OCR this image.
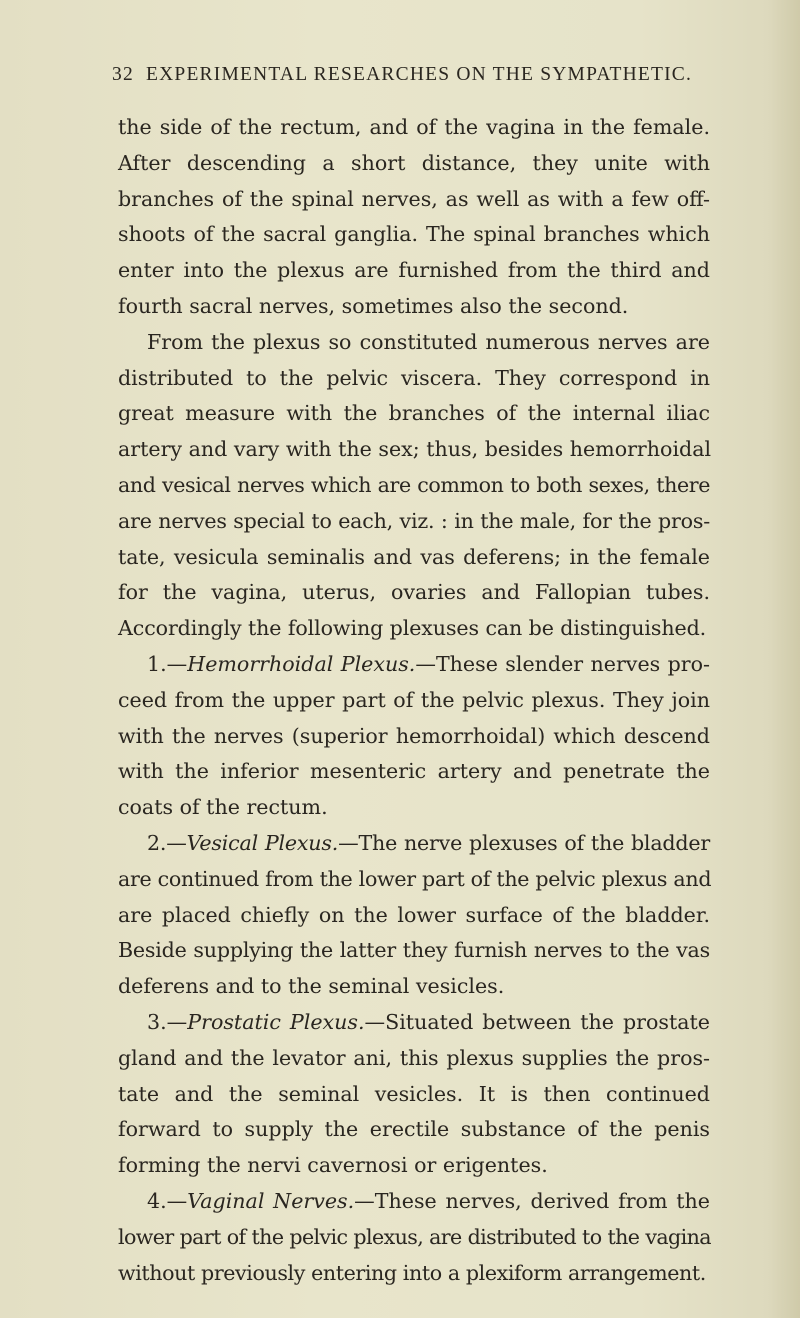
32 EXPERIMENTAL RESEARCHES ON THE SYMPATHETIC.
the side of the rectum, and of the vagina in the female.
After descending a short distance, they unite with
branches of the spinal nerves, as well as with a few off-
shoots of the sacral ganglia. The spinal branches which
enter into the plexus are furnished from the third and
fourth sacral nerves, sometimes also the second.
From the plexus so constituted numerous nerves are
distributed to the pelvic viscera. They correspond in
great measure with the branches of the internal iliac
artery and vary with the sex; thus, besides hemorrhoidal
and vesical nerves which are common to both sexes, there
are nerves special to each, viz. : in the male, for the pros-
tate, vesicula seminalis and vas deferens; in the female
for the vagina, uterus, ovaries and Fallopian tubes.
Accordingly the following plexuses can be distinguished.
1.—Hemorrhoidal Plexus.—These slender nerves pro-
ceed from the upper part of the pelvic plexus. They join
with the nerves (superior hemorrhoidal) which descend
with the inferior mesenteric artery and penetrate the
coats of the rectum.
2.—Vesical Plexus.—The nerve plexuses of the bladder
are continued from the lower part of the pelvic plexus and
are placed chiefly on the lower surface of the bladder.
Beside supplying the latter they furnish nerves to the vas
deferens and to the seminal vesicles.
3.—Prostatic Plexus.—Situated between the prostate
gland and the levator ani, this plexus supplies the pros-
tate and the seminal vesicles. It is then continued
forward to supply the erectile substance of the penis
forming the nervi cavernosi or erigentes.
4.—Vaginal Nerves.—These nerves, derived from the
lower part of the pelvic plexus, are distributed to the vagina
without previously entering into a plexiform arrangement.
